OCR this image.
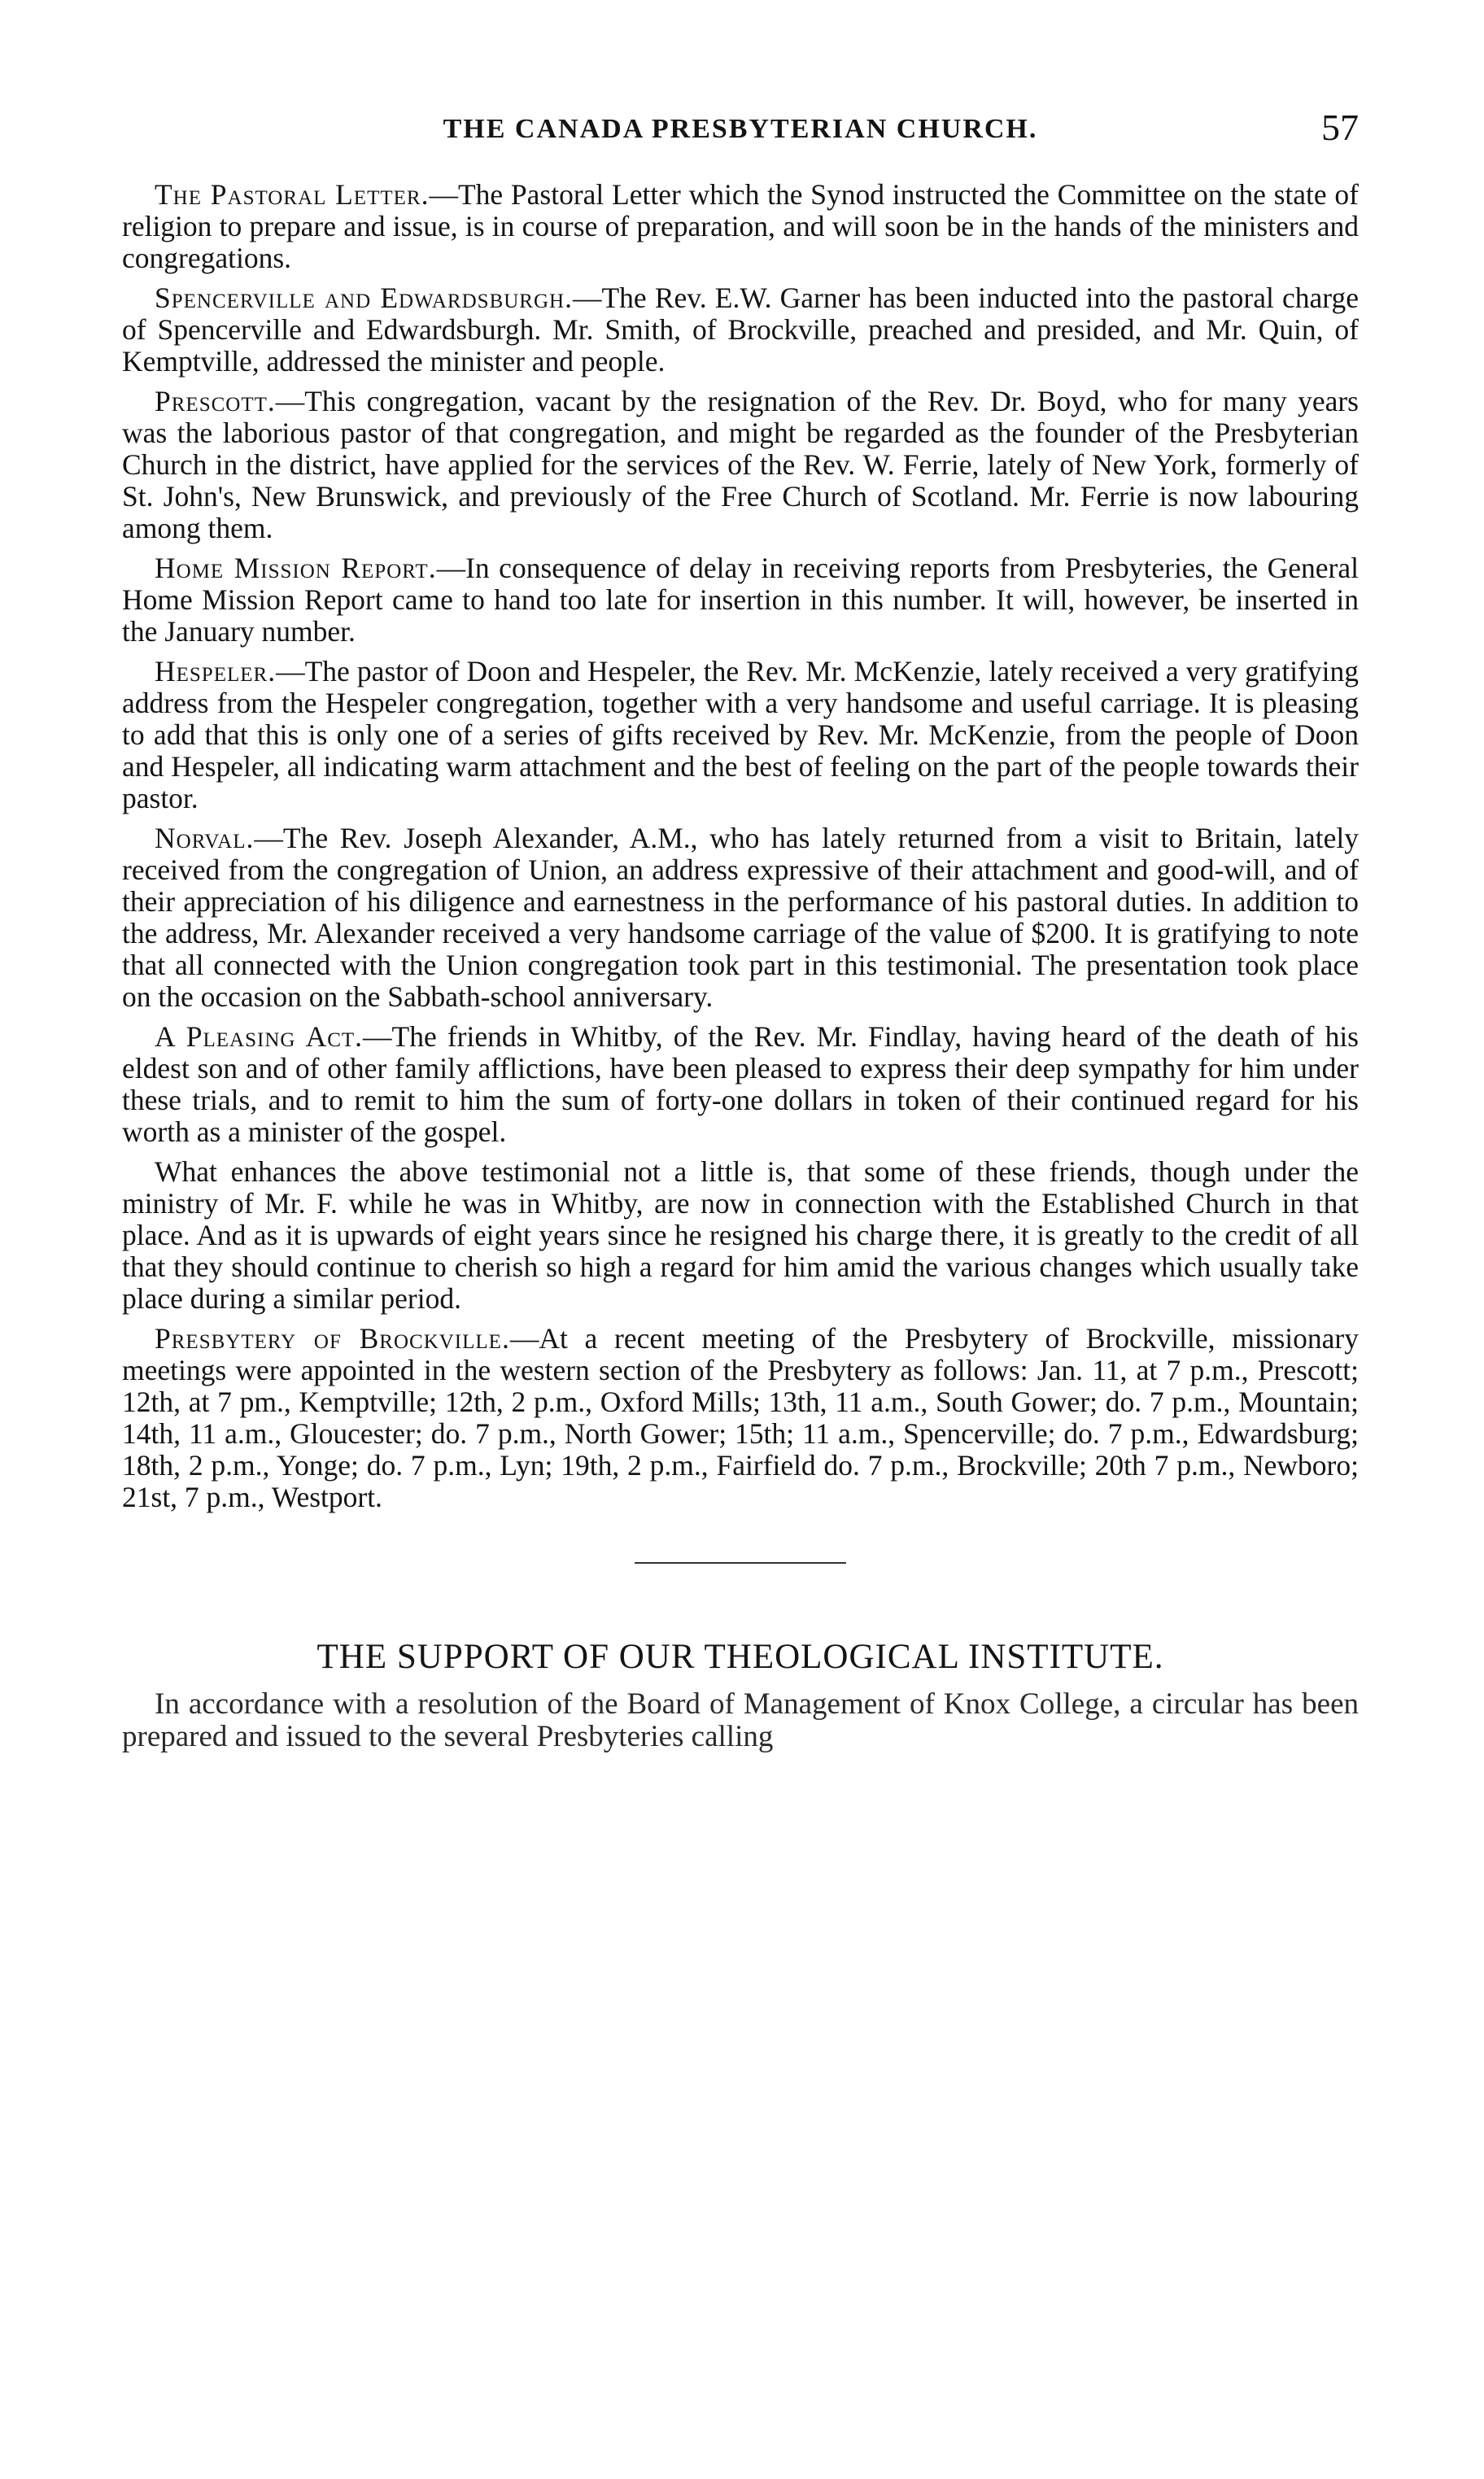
THE CANADA PRESBYTERIAN CHURCH.	57

The Pastoral Letter.—The Pastoral Letter which the Synod instructed the Committee on the state of religion to prepare and issue, is in course of preparation, and will soon be in the hands of the ministers and congregations.

Spencerville and Edwardsburgh.—The Rev. E.W. Garner has been inducted into the pastoral charge of Spencerville and Edwardsburgh. Mr. Smith, of Brockville, preached and presided, and Mr. Quin, of Kemptville, addressed the minister and people.

Prescott.—This congregation, vacant by the resignation of the Rev. Dr. Boyd, who for many years was the laborious pastor of that congregation, and might be regarded as the founder of the Presbyterian Church in the district, have applied for the services of the Rev. W. Ferrie, lately of New York, formerly of St. John's, New Brunswick, and previously of the Free Church of Scotland. Mr. Ferrie is now labouring among them.

Home Mission Report.—In consequence of delay in receiving reports from Presbyteries, the General Home Mission Report came to hand too late for insertion in this number. It will, however, be inserted in the January number.

Hespeler.—The pastor of Doon and Hespeler, the Rev. Mr. McKenzie, lately received a very gratifying address from the Hespeler congregation, together with a very handsome and useful carriage. It is pleasing to add that this is only one of a series of gifts received by Rev. Mr. McKenzie, from the people of Doon and Hespeler, all indicating warm attachment and the best of feeling on the part of the people towards their pastor.

Norval.—The Rev. Joseph Alexander, A.M., who has lately returned from a visit to Britain, lately received from the congregation of Union, an address expressive of their attachment and good-will, and of their appreciation of his diligence and earnestness in the performance of his pastoral duties. In addition to the address, Mr. Alexander received a very handsome carriage of the value of $200. It is gratifying to note that all connected with the Union congregation took part in this testimonial. The presentation took place on the occasion on the Sabbath-school anniversary.

A Pleasing Act.—The friends in Whitby, of the Rev. Mr. Findlay, having heard of the death of his eldest son and of other family afflictions, have been pleased to express their deep sympathy for him under these trials, and to remit to him the sum of forty-one dollars in token of their continued regard for his worth as a minister of the gospel.

What enhances the above testimonial not a little is, that some of these friends, though under the ministry of Mr. F. while he was in Whitby, are now in connection with the Established Church in that place. And as it is upwards of eight years since he resigned his charge there, it is greatly to the credit of all that they should continue to cherish so high a regard for him amid the various changes which usually take place during a similar period.

Presbytery of Brockville.—At a recent meeting of the Presbytery of Brockville, missionary meetings were appointed in the western section of the Presbytery as follows: Jan. 11, at 7 p.m., Prescott; 12th, at 7 pm., Kemptville; 12th, 2 p.m., Oxford Mills; 13th, 11 a.m., South Gower; do. 7 p.m., Mountain; 14th, 11 a.m., Gloucester; do. 7 p.m., North Gower; 15th; 11 a.m., Spencerville; do. 7 p.m., Edwardsburg; 18th, 2 p.m., Yonge; do. 7 p.m., Lyn; 19th, 2 p.m., Fairfield do. 7 p.m., Brockville; 20th 7 p.m., Newboro; 21st, 7 p.m., Westport.

THE SUPPORT OF OUR THEOLOGICAL INSTITUTE.

In accordance with a resolution of the Board of Management of Knox College, a circular has been prepared and issued to the several Presbyteries calling
